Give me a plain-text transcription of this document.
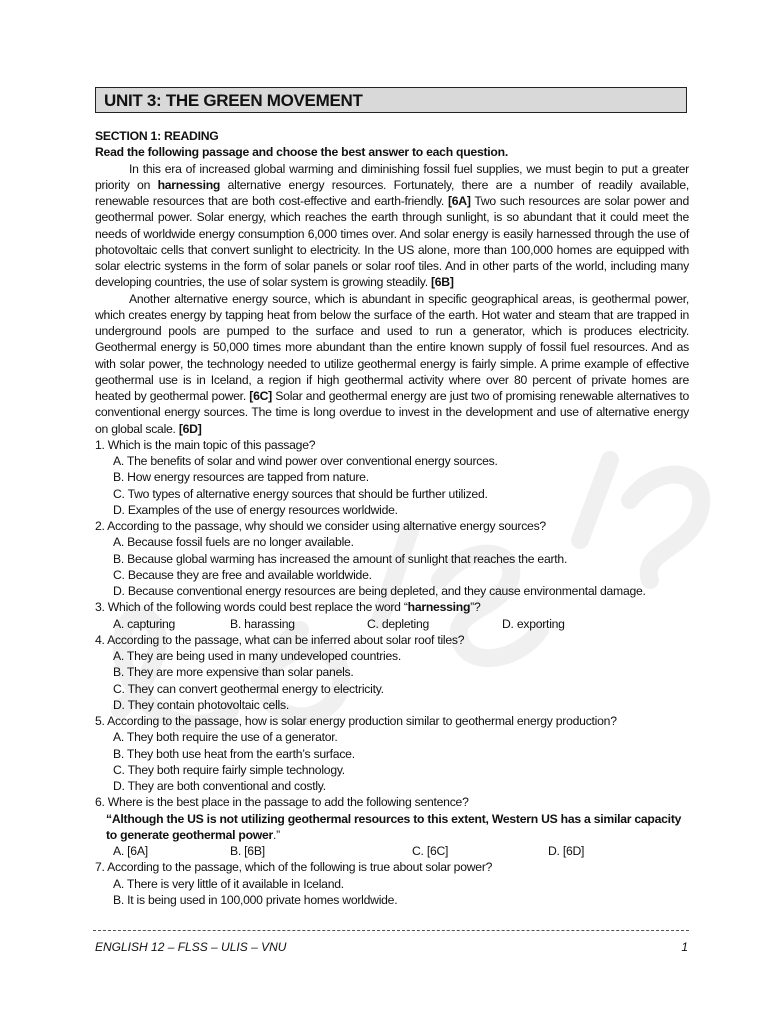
UNIT 3: THE GREEN MOVEMENT
SECTION 1: READING
Read the following passage and choose the best answer to each question.

In this era of increased global warming and diminishing fossil fuel supplies, we must begin to put a greater priority on harnessing alternative energy resources. Fortunately, there are a number of readily available, renewable resources that are both cost-effective and earth-friendly. [6A] Two such resources are solar power and geothermal power. Solar energy, which reaches the earth through sunlight, is so abundant that it could meet the needs of worldwide energy consumption 6,000 times over. And solar energy is easily harnessed through the use of photovoltaic cells that convert sunlight to electricity. In the US alone, more than 100,000 homes are equipped with solar electric systems in the form of solar panels or solar roof tiles. And in other parts of the world, including many developing countries, the use of solar system is growing steadily. [6B]

Another alternative energy source, which is abundant in specific geographical areas, is geothermal power, which creates energy by tapping heat from below the surface of the earth. Hot water and steam that are trapped in underground pools are pumped to the surface and used to run a generator, which is produces electricity. Geothermal energy is 50,000 times more abundant than the entire known supply of fossil fuel resources. And as with solar power, the technology needed to utilize geothermal energy is fairly simple. A prime example of effective geothermal use is in Iceland, a region if high geothermal activity where over 80 percent of private homes are heated by geothermal power. [6C] Solar and geothermal energy are just two of promising renewable alternatives to conventional energy sources. The time is long overdue to invest in the development and use of alternative energy on global scale. [6D]

1. Which is the main topic of this passage?

A. The benefits of solar and wind power over conventional energy sources.

B. How energy resources are tapped from nature.

C. Two types of alternative energy sources that should be further utilized.

D. Examples of the use of energy resources worldwide.

2. According to the passage, why should we consider using alternative energy sources?

A. Because fossil fuels are no longer available.

B. Because global warming has increased the amount of sunlight that reaches the earth.

C. Because they are free and available worldwide.

D. Because conventional energy resources are being depleted, and they cause environmental damage.

3. Which of the following words could best replace the word “harnessing”?

A. capturing	B. harassing	C. depleting	D. exporting

4. According to the passage, what can be inferred about solar roof tiles?

A. They are being used in many undeveloped countries.

B. They are more expensive than solar panels.

C. They can convert geothermal energy to electricity.

D. They contain photovoltaic cells.

5. According to the passage, how is solar energy production similar to geothermal energy production?

A. They both require the use of a generator.

B. They both use heat from the earth’s surface.

C. They both require fairly simple technology.

D. They are both conventional and costly.

6. Where is the best place in the passage to add the following sentence?

“Although the US is not utilizing geothermal resources to this extent, Western US has a similar capacity to generate geothermal power.”

A. [6A]	B. [6B]	C. [6C]	D. [6D]

7. According to the passage, which of the following is true about solar power?

A. There is very little of it available in Iceland.

B. It is being used in 100,000 private homes worldwide.

ENGLISH 12 – FLSS – ULIS – VNU	1
